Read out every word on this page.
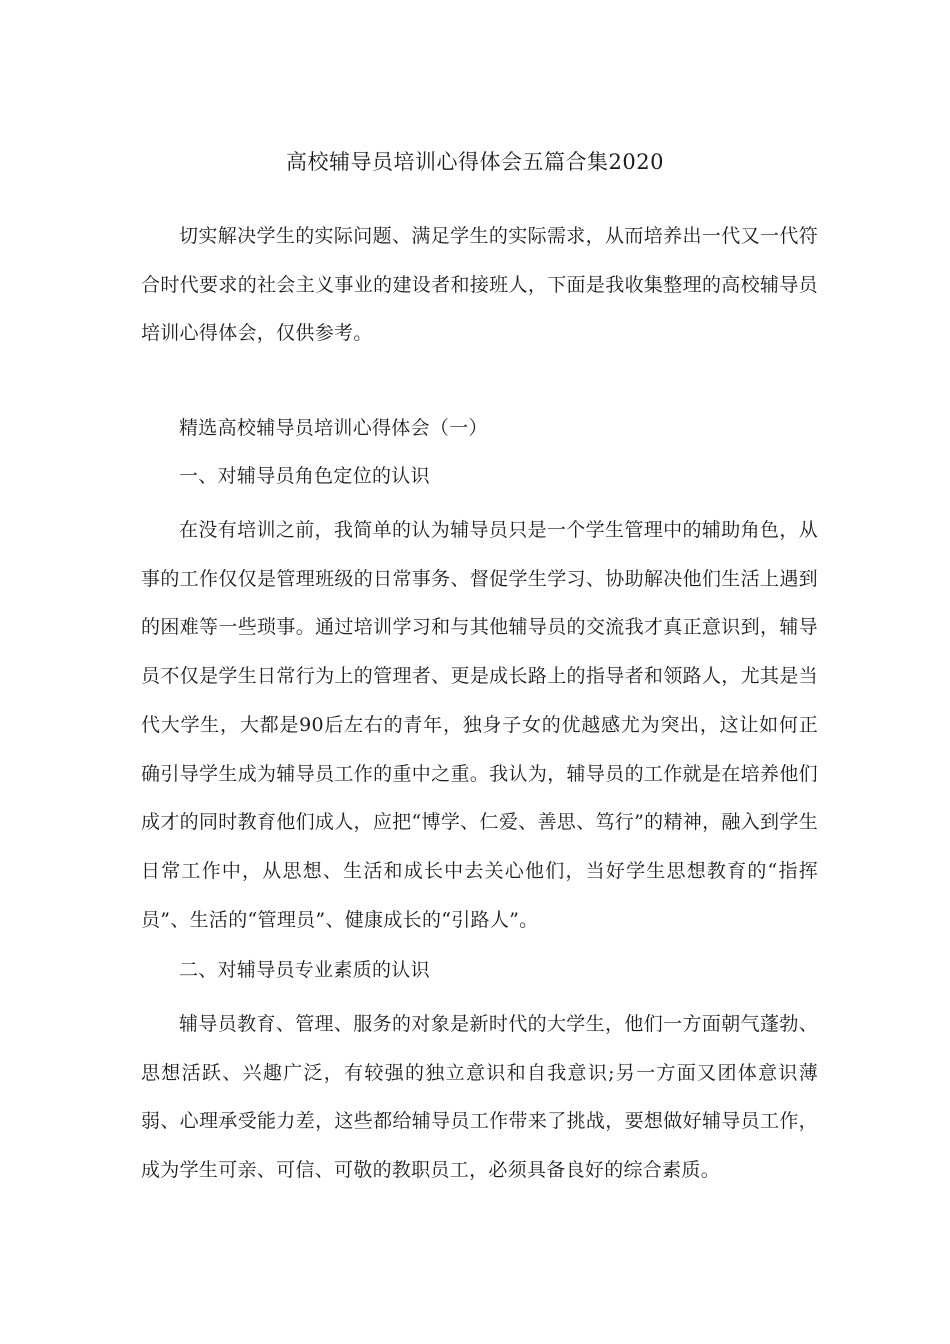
高校辅导员培训心得体会五篇合集2020

切实解决学生的实际问题、满足学生的实际需求，从而培养出一代又一代符合时代要求的社会主义事业的建设者和接班人，下面是我收集整理的高校辅导员培训心得体会，仅供参考。

精选高校辅导员培训心得体会（一）

一、对辅导员角色定位的认识

在没有培训之前，我简单的认为辅导员只是一个学生管理中的辅助角色，从事的工作仅仅是管理班级的日常事务、督促学生学习、协助解决他们生活上遇到的困难等一些琐事。通过培训学习和与其他辅导员的交流我才真正意识到，辅导员不仅是学生日常行为上的管理者、更是成长路上的指导者和领路人，尤其是当代大学生，大都是90后左右的青年，独身子女的优越感尤为突出，这让如何正确引导学生成为辅导员工作的重中之重。我认为，辅导员的工作就是在培养他们成才的同时教育他们成人，应把“博学、仁爱、善思、笃行”的精神，融入到学生日常工作中，从思想、生活和成长中去关心他们，当好学生思想教育的“指挥员”、生活的“管理员”、健康成长的“引路人”。

二、对辅导员专业素质的认识

辅导员教育、管理、服务的对象是新时代的大学生，他们一方面朝气蓬勃、思想活跃、兴趣广泛，有较强的独立意识和自我意识;另一方面又团体意识薄弱、心理承受能力差，这些都给辅导员工作带来了挑战，要想做好辅导员工作，成为学生可亲、可信、可敬的教职员工，必须具备良好的综合素质。
